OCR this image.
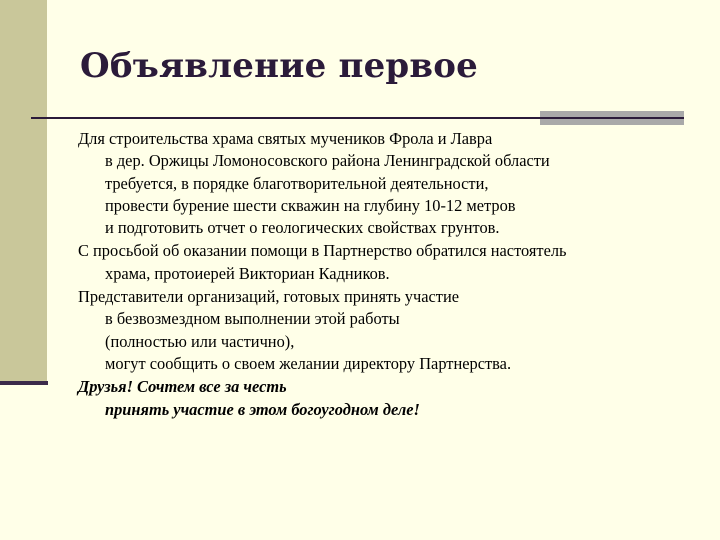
Объявление первое

Для строительства храма святых мучеников Фрола и Лавра
в дер. Оржицы Ломоносовского района Ленинградской области
требуется, в порядке благотворительной деятельности,
провести бурение шести скважин на глубину 10-12 метров
и подготовить отчет о геологических свойствах грунтов.

С просьбой об оказании помощи в Партнерство обратился настоятель
храма, протоиерей Викториан Кадников.

Представители организаций, готовых принять участие
в безвозмездном выполнении этой работы
(полностью или частично),
могут сообщить о своем желании директору Партнерства.

Друзья! Сочтем все за честь
принять участие в этом богоугодном деле!
